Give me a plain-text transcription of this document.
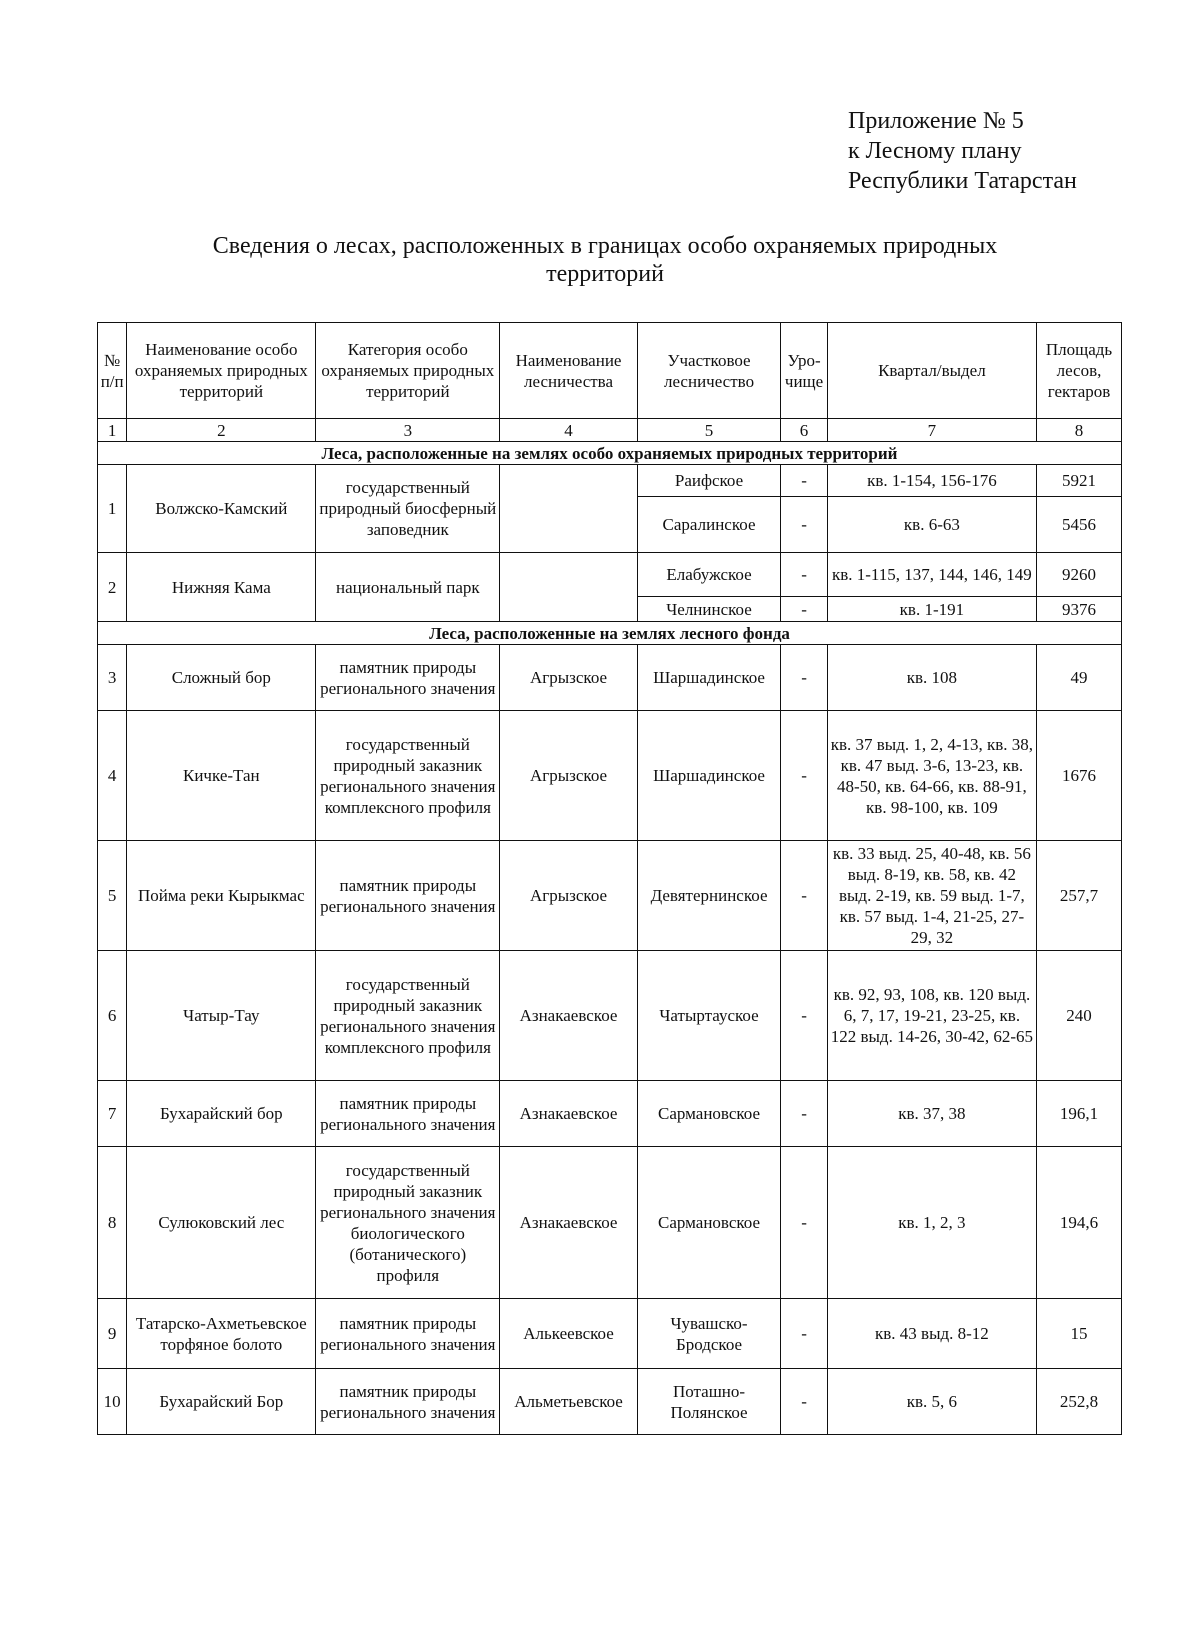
Приложение № 5
к Лесному плану
Республики Татарстан
Сведения о лесах, расположенных в границах особо охраняемых природных
территорий
№ п/п	Наименование особо охраняемых природных территорий	Категория особо охраняемых природных территорий	Наименование лесничества	Участковое лесничество	Уро-чище	Квартал/выдел	Площадь лесов, гектаров
1	2	3	4	5	6	7	8
Леса, расположенные на землях особо охраняемых природных территорий							
1	Волжско-Камский	государственный природный биосферный заповедник		Раифское	-	кв. 1-154, 156-176	5921
				Саралинское	-	кв. 6-63	5456
2	Нижняя Кама	национальный парк		Елабужское	-	кв. 1-115, 137, 144, 146, 149	9260
				Челнинское	-	кв. 1-191	9376
Леса, расположенные на землях лесного фонда							
3	Сложный бор	памятник природы регионального значения	Агрызское	Шаршадинское	-	кв. 108	49
4	Кичке-Тан	государственный природный заказник регионального значения комплексного профиля	Агрызское	Шаршадинское	-	кв. 37 выд. 1, 2, 4-13, кв. 38, кв. 47 выд. 3-6, 13-23, кв. 48-50, кв. 64-66, кв. 88-91, кв. 98-100, кв. 109	1676
5	Пойма реки Кырыкмас	памятник природы регионального значения	Агрызское	Девятернинское	-	кв. 33 выд. 25, 40-48, кв. 56 выд. 8-19, кв. 58, кв. 42 выд. 2-19, кв. 59 выд. 1-7, кв. 57 выд. 1-4, 21-25, 27-29, 32	257,7
6	Чатыр-Тау	государственный природный заказник регионального значения комплексного профиля	Азнакаевское	Чатыртауское	-	кв. 92, 93, 108, кв. 120 выд. 6, 7, 17, 19-21, 23-25, кв. 122 выд. 14-26, 30-42, 62-65	240
7	Бухарайский бор	памятник природы регионального значения	Азнакаевское	Сармановское	-	кв. 37, 38	196,1
8	Сулюковский лес	государственный природный заказник регионального значения биологического (ботанического) профиля	Азнакаевское	Сармановское	-	кв. 1, 2, 3	194,6
9	Татарско-Ахметьевское торфяное болото	памятник природы регионального значения	Алькеевское	Чувашско-Бродское	-	кв. 43 выд. 8-12	15
10	Бухарайский Бор	памятник природы регионального значения	Альметьевское	Поташно-Полянское	-	кв. 5, 6	252,8
